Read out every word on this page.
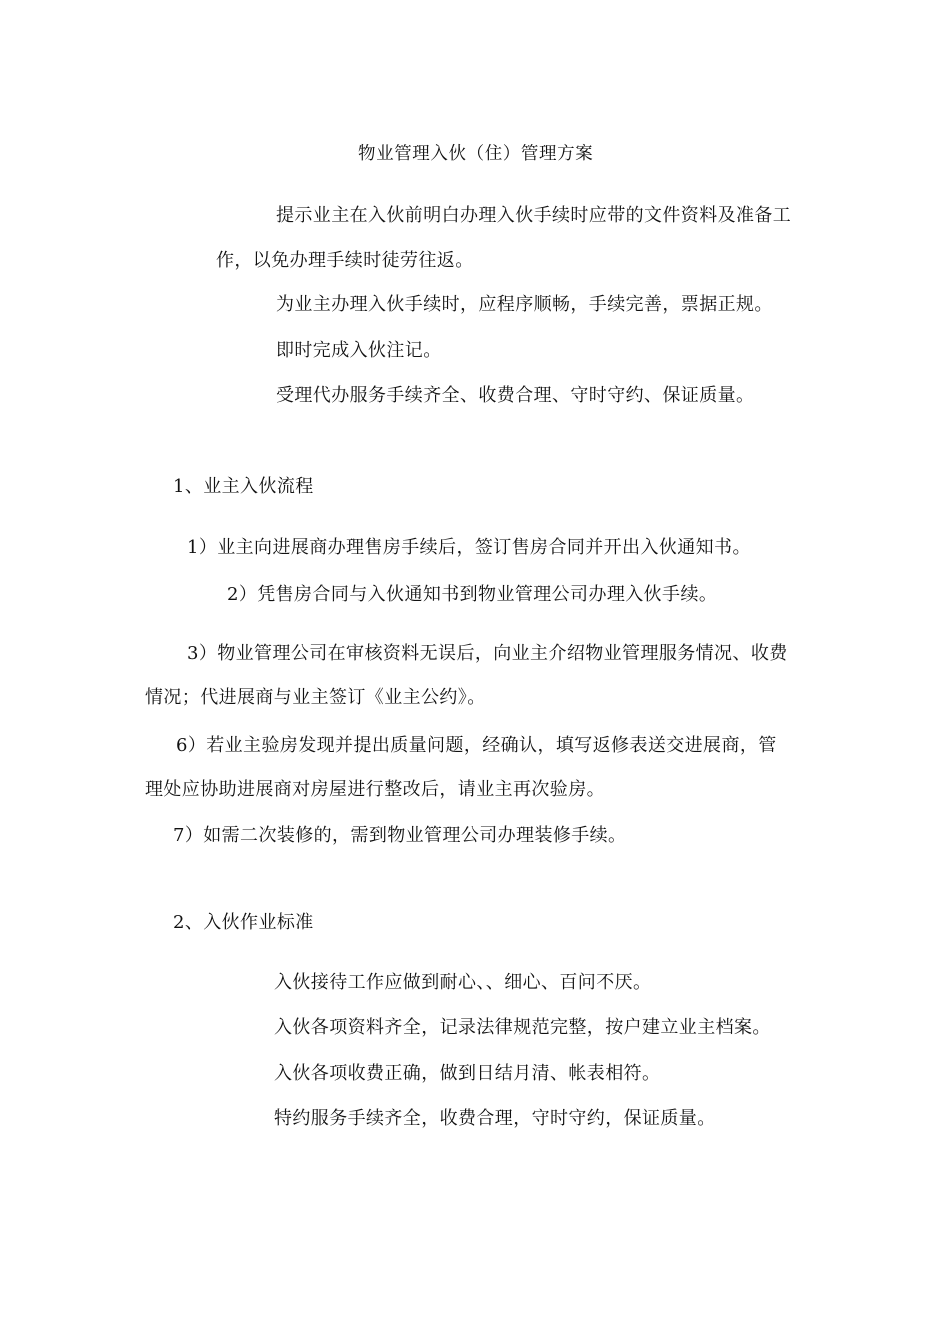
物业管理入伙（住）管理方案
提示业主在入伙前明白办理入伙手续时应带的文件资料及准备工
作，以免办理手续时徒劳往返。
为业主办理入伙手续时，应程序顺畅，手续完善，票据正规。
即时完成入伙注记。
受理代办服务手续齐全、收费合理、守时守约、保证质量。
1、业主入伙流程
1）业主向进展商办理售房手续后，签订售房合同并开出入伙通知书。
2）凭售房合同与入伙通知书到物业管理公司办理入伙手续。
3）物业管理公司在审核资料无误后，向业主介绍物业管理服务情况、收费
情况；代进展商与业主签订《业主公约》。
6）若业主验房发现并提出质量问题，经确认，填写返修表送交进展商，管
理处应协助进展商对房屋进行整改后，请业主再次验房。
7）如需二次装修的，需到物业管理公司办理装修手续。
2、入伙作业标准
入伙接待工作应做到耐心、、细心、百问不厌。
入伙各项资料齐全，记录法律规范完整，按户建立业主档案。
入伙各项收费正确，做到日结月清、帐表相符。
特约服务手续齐全，收费合理，守时守约，保证质量。
